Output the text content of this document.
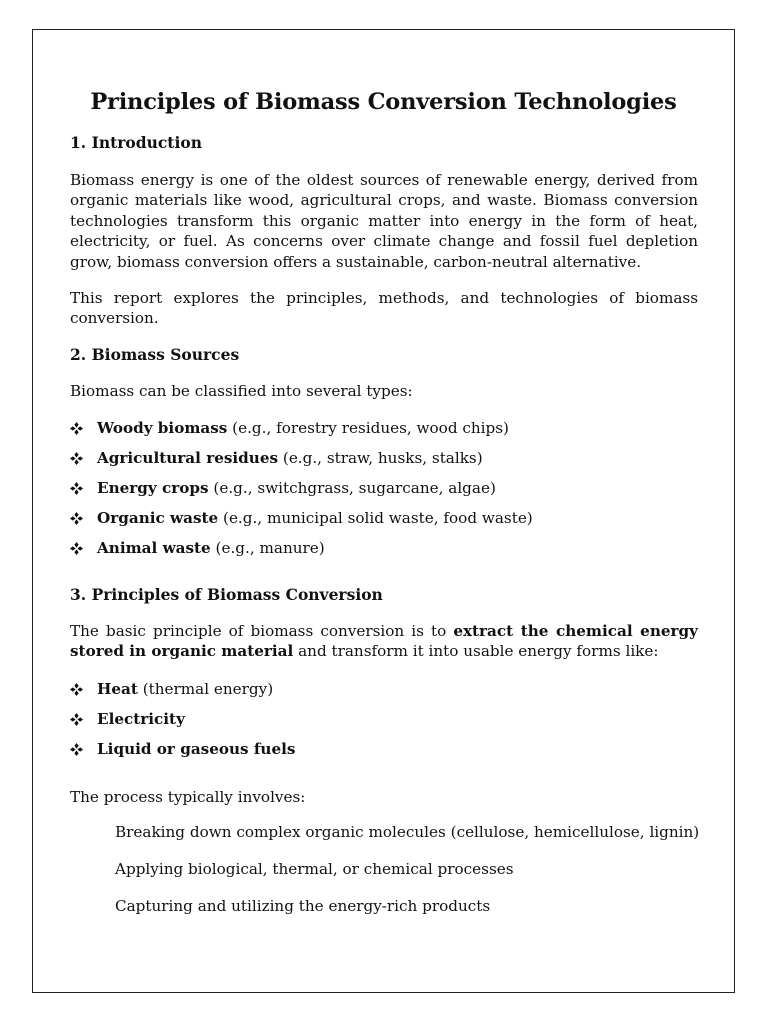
Principles of Biomass Conversion Technologies
1. Introduction

Biomass energy is one of the oldest sources of renewable energy, derived from organic materials like wood, agricultural crops, and waste. Biomass conversion technologies transform this organic matter into energy in the form of heat, electricity, or fuel. As concerns over climate change and fossil fuel depletion grow, biomass conversion offers a sustainable, carbon-neutral alternative.

This report explores the principles, methods, and technologies of biomass conversion.

2. Biomass Sources

Biomass can be classified into several types:

Woody biomass (e.g., forestry residues, wood chips)
Agricultural residues (e.g., straw, husks, stalks)
Energy crops (e.g., switchgrass, sugarcane, algae)
Organic waste (e.g., municipal solid waste, food waste)
Animal waste (e.g., manure)
3. Principles of Biomass Conversion

The basic principle of biomass conversion is to extract the chemical energy stored in organic material and transform it into usable energy forms like:

Heat (thermal energy)
Electricity
Liquid or gaseous fuels

The process typically involves:

Breaking down complex organic molecules (cellulose, hemicellulose, lignin)
Applying biological, thermal, or chemical processes
Capturing and utilizing the energy-rich products
